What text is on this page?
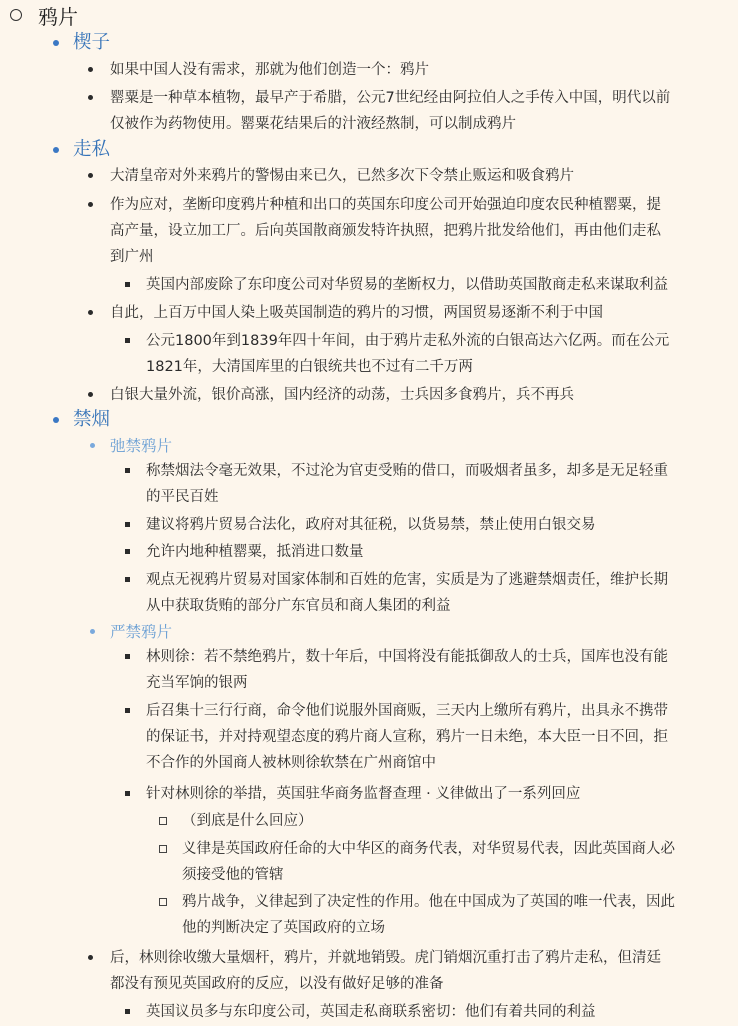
鸦片
楔子
如果中国人没有需求，那就为他们创造一个：鸦片
罂粟是一种草本植物，最早产于希腊，公元7世纪经由阿拉伯人之手传入中国，明代以前
仅被作为药物使用。罂粟花结果后的汁液经熬制，可以制成鸦片
走私
大清皇帝对外来鸦片的警惕由来已久，已然多次下令禁止贩运和吸食鸦片
作为应对，垄断印度鸦片种植和出口的英国东印度公司开始强迫印度农民种植罂粟，提
高产量，设立加工厂。后向英国散商颁发特许执照，把鸦片批发给他们，再由他们走私
到广州
英国内部废除了东印度公司对华贸易的垄断权力，以借助英国散商走私来谋取利益
自此，上百万中国人染上吸英国制造的鸦片的习惯，两国贸易逐渐不利于中国
公元1800年到1839年四十年间，由于鸦片走私外流的白银高达六亿两。而在公元
1821年，大清国库里的白银统共也不过有二千万两
白银大量外流，银价高涨，国内经济的动荡，士兵因多食鸦片，兵不再兵
禁烟
弛禁鸦片
称禁烟法令毫无效果，不过沦为官吏受贿的借口，而吸烟者虽多，却多是无足轻重
的平民百姓
建议将鸦片贸易合法化，政府对其征税，以货易禁，禁止使用白银交易
允许内地种植罂粟，抵消进口数量
观点无视鸦片贸易对国家体制和百姓的危害，实质是为了逃避禁烟责任，维护长期
从中获取货贿的部分广东官员和商人集团的利益
严禁鸦片
林则徐：若不禁绝鸦片，数十年后，中国将没有能抵御敌人的士兵，国库也没有能
充当军饷的银两
后召集十三行行商，命令他们说服外国商贩，三天内上缴所有鸦片，出具永不携带
的保证书，并对持观望态度的鸦片商人宣称，鸦片一日未绝，本大臣一日不回，拒
不合作的外国商人被林则徐软禁在广州商馆中
针对林则徐的举措，英国驻华商务监督查理 · 义律做出了一系列回应
（到底是什么回应）
义律是英国政府任命的大中华区的商务代表，对华贸易代表，因此英国商人必
须接受他的管辖
鸦片战争，义律起到了决定性的作用。他在中国成为了英国的唯一代表，因此
他的判断决定了英国政府的立场
后，林则徐收缴大量烟杆，鸦片，并就地销毁。虎门销烟沉重打击了鸦片走私，但清廷
都没有预见英国政府的反应，以没有做好足够的准备
英国议员多与东印度公司，英国走私商联系密切：他们有着共同的利益
